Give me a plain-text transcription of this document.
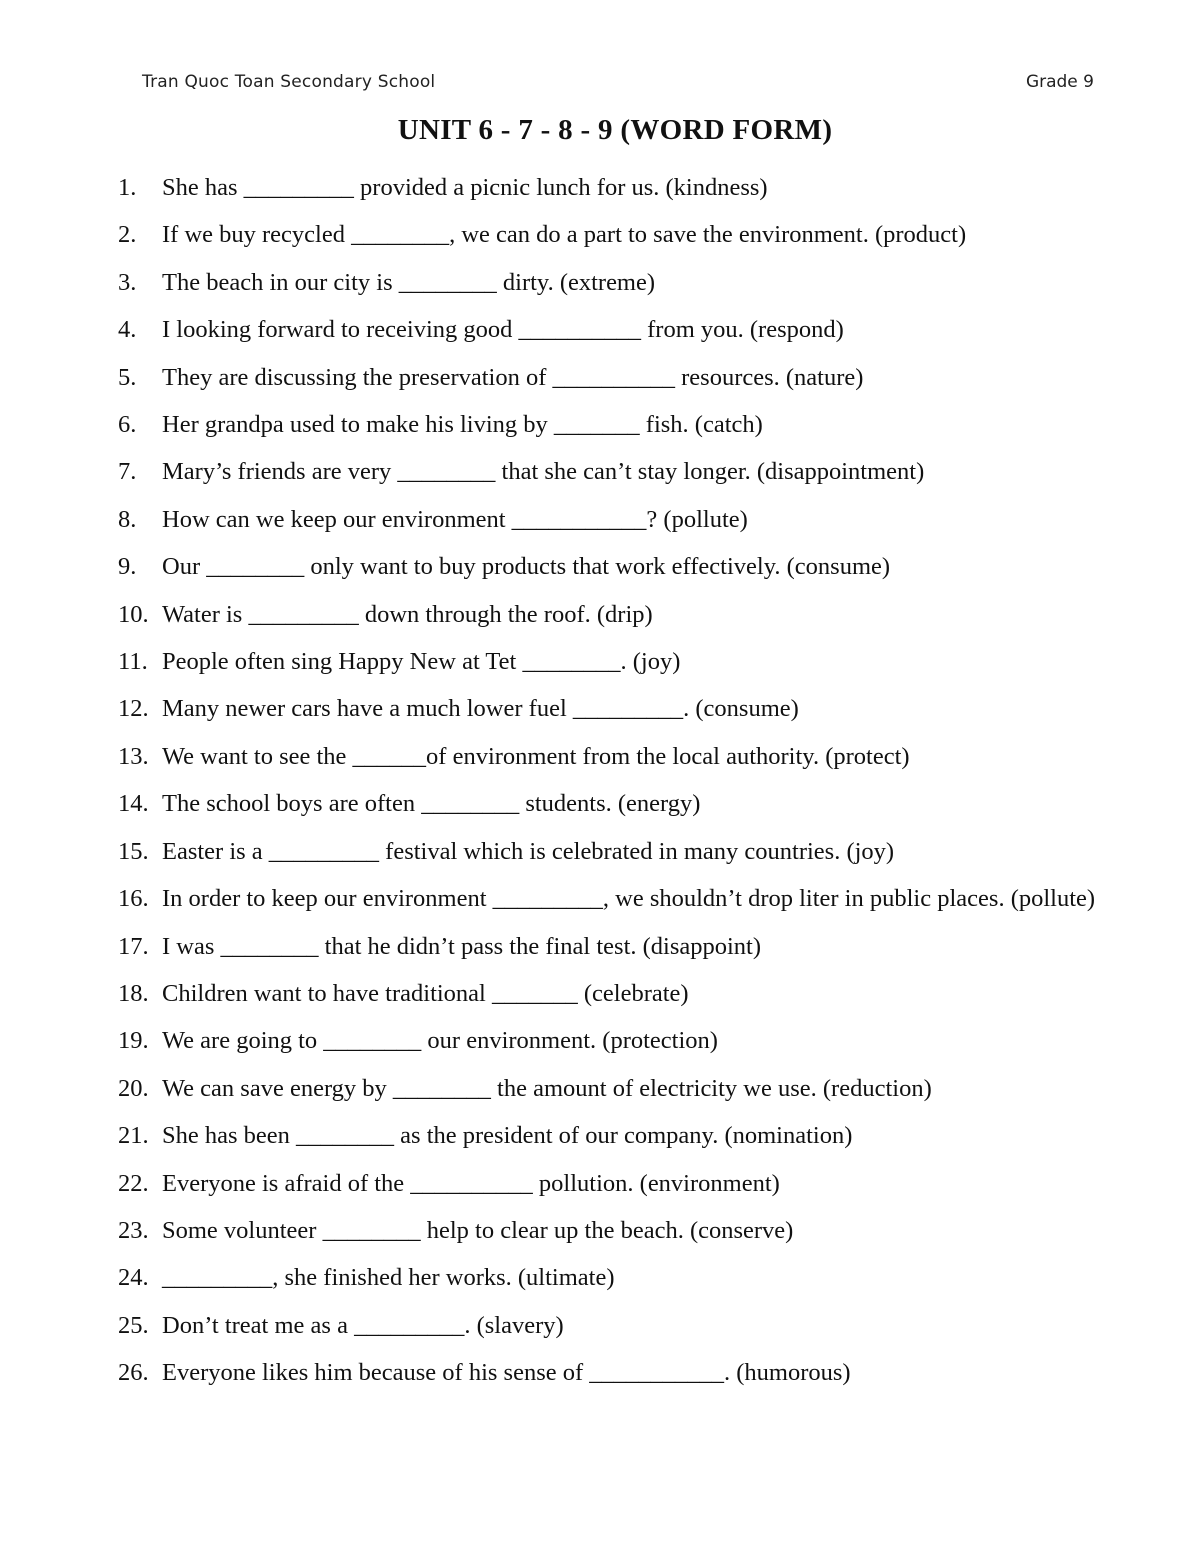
Tran Quoc Toan Secondary School	Grade 9
UNIT 6 - 7 - 8 - 9 (WORD FORM)
1.	She has _________ provided a picnic lunch for us. (kindness)
2.	If we buy recycled ________, we can do a part to save the environment. (product)
3.	The beach in our city is ________ dirty. (extreme)
4.	I looking forward to receiving good __________ from you. (respond)
5.	They are discussing the preservation of __________ resources. (nature)
6.	Her grandpa used to make his living by _______ fish. (catch)
7.	Mary’s friends are very ________ that she can’t stay longer. (disappointment)
8.	How can we keep our environment ___________? (pollute)
9.	Our ________ only want to buy products that work effectively. (consume)
10. Water is _________ down through the roof. (drip)
11. People often sing Happy New at Tet ________. (joy)
12. Many newer cars have a much lower fuel _________. (consume)
13. We want to see the ______of environment from the local authority. (protect)
14. The school boys are often ________ students. (energy)
15. Easter is a _________ festival which is celebrated in many countries. (joy)
16. In order to keep our environment _________, we shouldn’t drop liter in public places. (pollute)
17. I was ________ that he didn’t pass the final test. (disappoint)
18. Children want to have traditional _______ (celebrate)
19. We are going to ________ our environment. (protection)
20. We can save energy by ________ the amount of electricity we use. (reduction)
21. She has been ________ as the president of our company. (nomination)
22. Everyone is afraid of the __________ pollution. (environment)
23. Some volunteer ________ help to clear up the beach. (conserve)
24. _________, she finished her works. (ultimate)
25. Don’t treat me as a _________. (slavery)
26. Everyone likes him because of his sense of ___________. (humorous)
